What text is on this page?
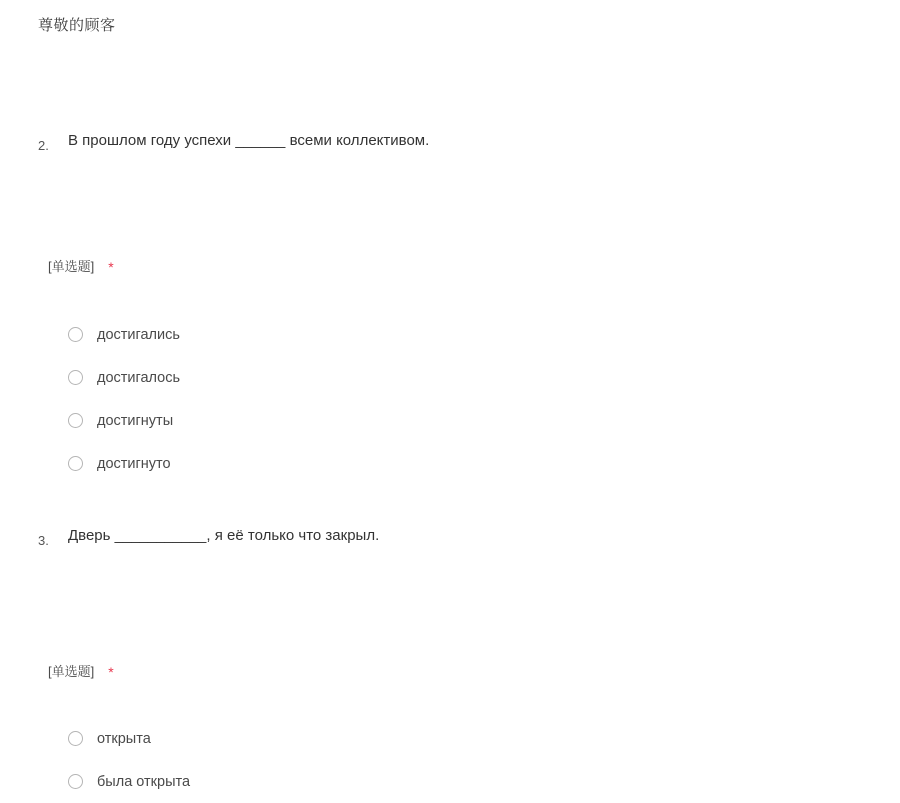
尊敬的顾客
2. В прошлом году успехи ______ всеми коллективом.
[单选题] *
достигались
достигалось
достигнуты
достигнуто
3. Дверь ___________, я её только что закрыл.
[单选题] *
открыта
была открыта
